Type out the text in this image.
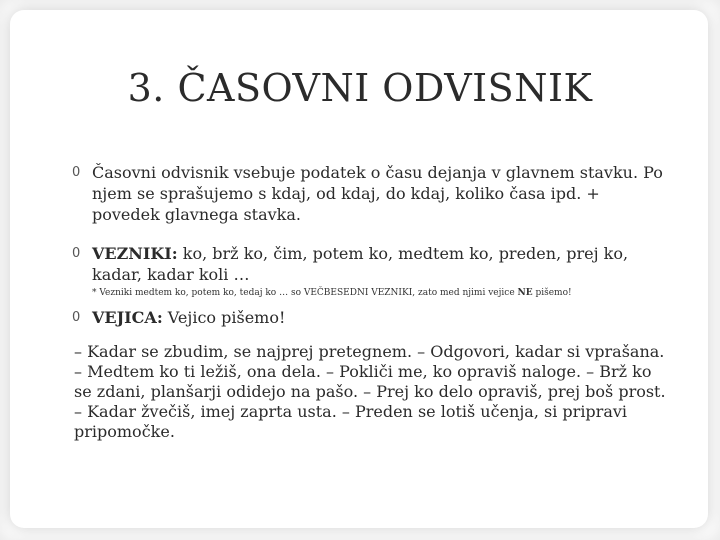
3. ČASOVNI ODVISNIK
0 Časovni odvisnik vsebuje podatek o času dejanja v glavnem stavku. Po njem se sprašujemo s kdaj, od kdaj, do kdaj, koliko časa ipd. + povedek glavnega stavka.
0 VEZNIKI: ko, brž ko, čim, potem ko, medtem ko, preden, prej ko, kadar, kadar koli …
* Vezniki medtem ko, potem ko, tedaj ko … so VEČBESEDNI VEZNIKI, zato med njimi vejice NE pišemo!
0 VEJICA: Vejico pišemo!
– Kadar se zbudim, se najprej pretegnem. – Odgovori, kadar si vprašana. – Medtem ko ti ležiš, ona dela. – Pokliči me, ko opraviš naloge. – Brž ko se zdani, planšarji odidejo na pašo. – Prej ko delo opraviš, prej boš prost. – Kadar žvečiš, imej zaprta usta. – Preden se lotiš učenja, si pripravi pripomočke.
